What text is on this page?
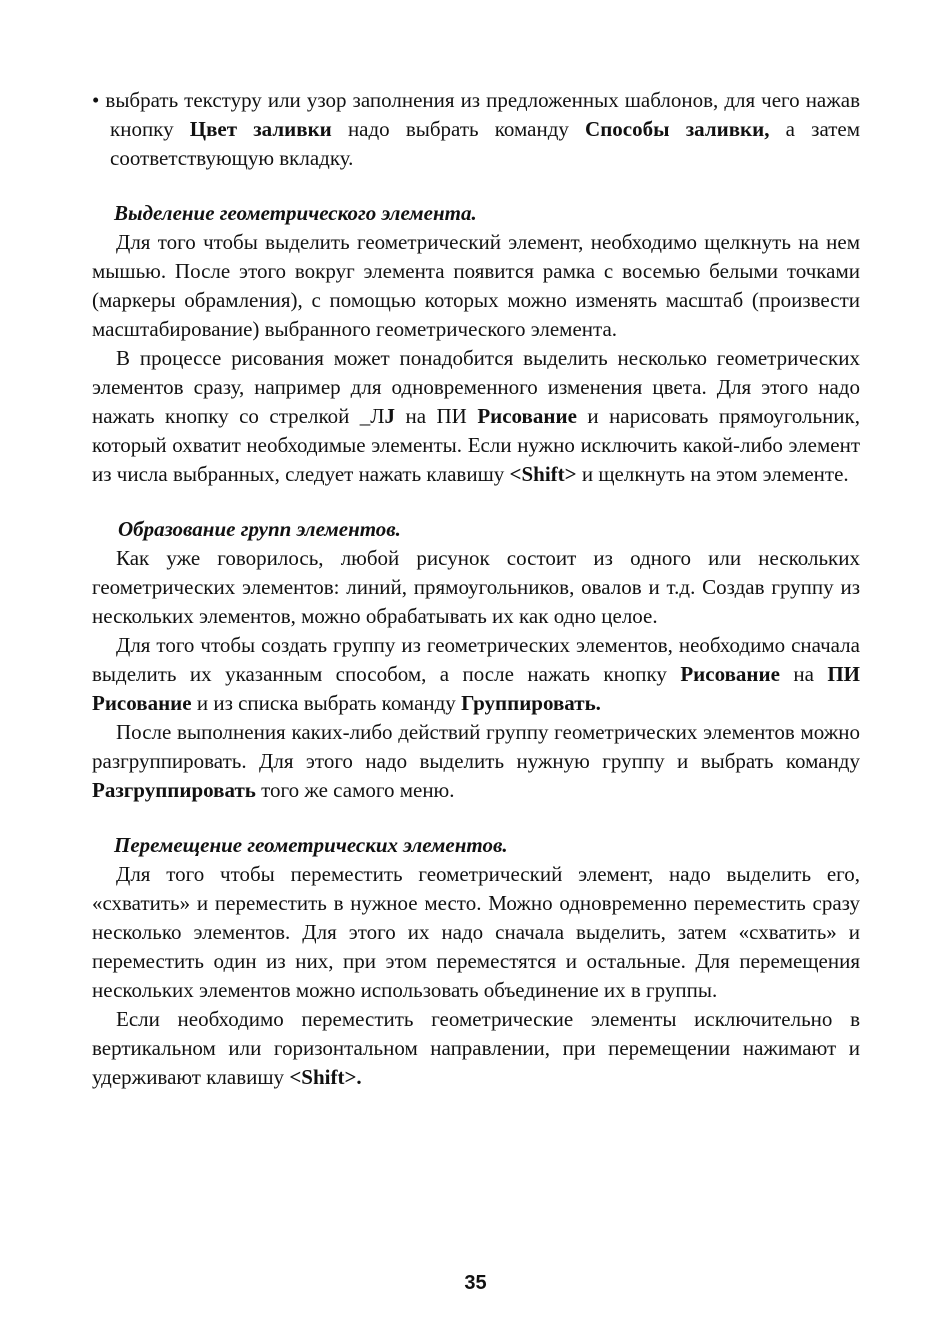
• выбрать текстуру или узор заполнения из предложенных шаблонов, для чего нажав кнопку Цвет заливки надо выбрать команду Способы заливки, а затем соответствующую вкладку.

Выделение геометрического элемента.

Для того чтобы выделить геометрический элемент, необходимо щелкнуть на нем мышью. После этого вокруг элемента появится рамка с восемью белыми точками (маркеры обрамления), с помощью которых можно изменять масштаб (произвести масштабирование) выбранного геометрического элемента.

В процессе рисования может понадобится выделить несколько геометрических элементов сразу, например для одновременного изменения цвета. Для этого надо нажать кнопку со стрелкой _ЛJ на ПИ Рисование и нарисовать прямоугольник, который охватит необходимые элементы. Если нужно исключить какой-либо элемент из числа выбранных, следует нажать клавишу <Shift> и щелкнуть на этом элементе.

Образование групп элементов.

Как уже говорилось, любой рисунок состоит из одного или нескольких геометрических элементов: линий, прямоугольников, овалов и т.д. Создав группу из нескольких элементов, можно обрабатывать их как одно целое.

Для того чтобы создать группу из геометрических элементов, необходимо сначала выделить их указанным способом, а после нажать кнопку Рисование на ПИ Рисование и из списка выбрать команду Группировать.

После выполнения каких-либо действий группу геометрических элементов можно разгруппировать. Для этого надо выделить нужную группу и выбрать команду Разгруппировать того же самого меню.

Перемещение геометрических элементов.

Для того чтобы переместить геометрический элемент, надо выделить его, «схватить» и переместить в нужное место. Можно одновременно переместить сразу несколько элементов. Для этого их надо сначала выделить, затем «схватить» и переместить один из них, при этом переместятся и остальные. Для перемещения нескольких элементов можно использовать объединение их в группы.

Если необходимо переместить геометрические элементы исключительно в вертикальном или горизонтальном направлении, при перемещении нажимают и удерживают клавишу <Shift>.

35
